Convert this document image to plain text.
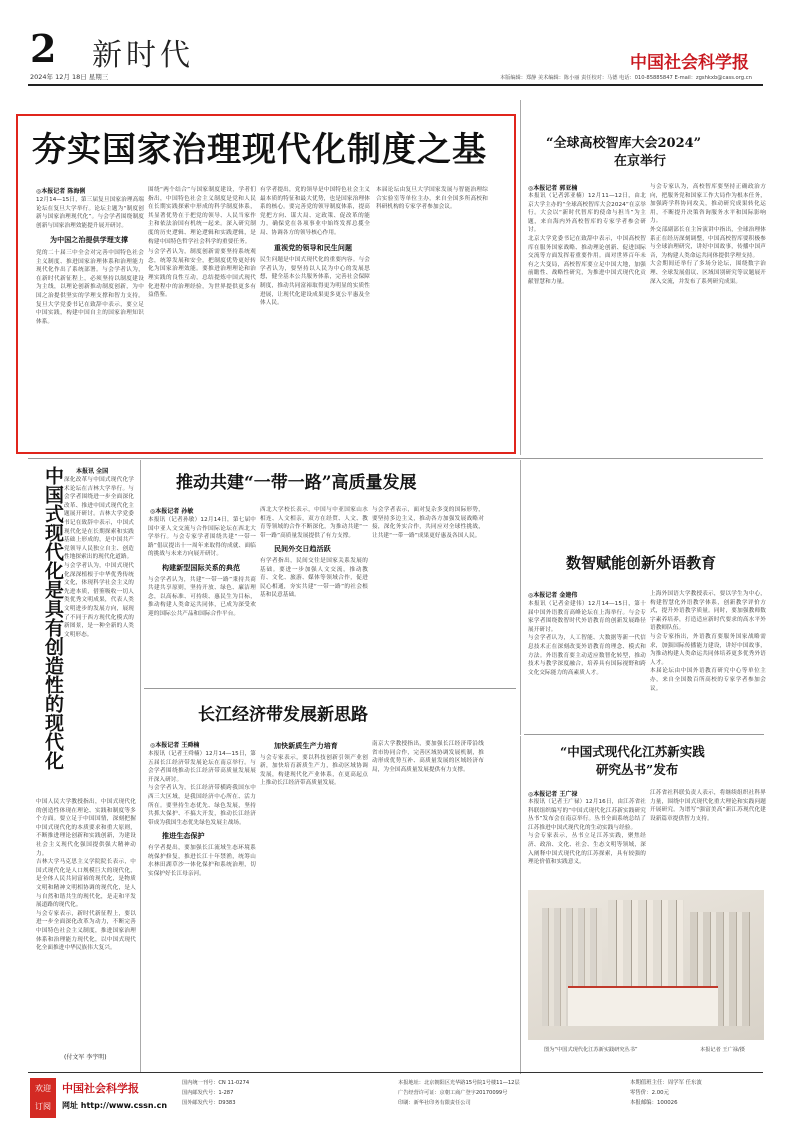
2 新时代
2024年 12月 18日 星期三
中国社会科学报
本版编辑：郑静 美术编辑：陈小丽 责任校对：马德 电话：010-85885847 E-mail：zgshkxb@cass.org.cn
夯实国家治理现代化制度之基
◎本报记者 陈海俐

12月14—15日，第三届复旦国家治理高端论坛在复旦大学举行。论坛主题为“制度创新与国家治理现代化”。与会学者围绕制度创新与国家治理效能提升展开研讨。

为中国之治提供学理支撑

党的二十届三中全会对完善中国特色社会主义制度、推进国家治理体系和治理能力现代化作出了系统部署。与会学者认为，在新时代新征程上，必须坚持以制度建设为主线，以理论创新推动制度创新，为中国之治提供坚实的学理支撑和智力支持。复旦大学党委书记在致辞中表示，要立足中国实践，构建中国自主的国家治理知识体系。

围绕“两个结合”与国家制度建设，学者们指出，中国特色社会主义制度是党和人民在长期实践探索中形成的科学制度体系，其显著优势在于把党的领导、人民当家作主和依法治国有机统一起来。深入研究制度的历史逻辑、理论逻辑和实践逻辑，是构建中国特色哲学社会科学的重要任务。

与会学者认为，制度创新需要坚持系统观念，统筹发展和安全，把制度优势更好转化为国家治理效能。要推进治理理论和治理实践的良性互动，总结提炼中国式现代化进程中的治理经验，为世界提供更多有益借鉴。

有学者提出，党的领导是中国特色社会主义最本质的特征和最大优势，也是国家治理体系的核心。要完善党的领导制度体系，提高党把方向、谋大局、定政策、促改革的能力，确保党在各项事业中始终发挥总揽全局、协调各方的领导核心作用。

重视党的领导和民生问题

民生问题是中国式现代化的重要内容。与会学者认为，要坚持以人民为中心的发展思想，健全基本公共服务体系，完善社会保障制度，推动共同富裕取得更为明显的实质性进展，让现代化建设成果更多更公平惠及全体人民。

本届论坛由复旦大学国家发展与智能治理综合实验室等单位主办，来自全国多所高校和科研机构的专家学者参加会议。

“全球高校智库大会2024”
在京举行
◎本报记者 郭亚楠

本报讯（记者郭亚楠）12月11—12日，由北京大学主办的“全球高校智库大会2024”在京举行。大会以“新时代智库的使命与担当”为主题，来自海内外高校智库的专家学者参会研讨。

北京大学党委书记在致辞中表示，中国高校智库在服务国家战略、推动理论创新、促进国际交流等方面发挥着重要作用。面对世界百年未有之大变局，高校智库要立足中国大地，加强前瞻性、战略性研究，为推进中国式现代化贡献智慧和力量。

与会专家认为，高校智库要坚持正确政治方向，把服务党和国家工作大局作为根本任务，加强跨学科协同攻关，推动研究成果转化运用，不断提升决策咨询服务水平和国际影响力。

外交部副部长在主旨演讲中指出，全球治理体系正在经历深刻调整，中国高校智库要积极参与全球治理研究，讲好中国故事，传播中国声音，为构建人类命运共同体提供学理支持。

大会期间还举行了多场分论坛，围绕数字治理、全球发展倡议、区域国别研究等议题展开深入交流，并发布了系列研究成果。

中国式现代化是具有创造性的现代化 本报讯 全国

深化改革与中国式现代化学术论坛在吉林大学举行。与会学者围绕进一步全面深化改革、推进中国式现代化主题展开研讨。吉林大学党委书记在致辞中表示，中国式现代化是在长期探索和实践基础上形成的，是中国共产党领导人民独立自主、创造性地探索出的现代化道路。

与会学者认为，中国式现代化深深植根于中华优秀传统文化，体现科学社会主义的先进本质，借鉴吸收一切人类优秀文明成果，代表人类文明进步的发展方向，展现了不同于西方现代化模式的新图景，是一种全新的人类文明形态。

中国人民大学教授指出，中国式现代化的创造性体现在理论、实践和制度等多个方面。要立足于中国国情，深刻把握中国式现代化的本质要求和重大原则，不断推进理论创新和实践创新，为建设社会主义现代化强国提供强大精神动力。

吉林大学马克思主义学院院长表示，中国式现代化是人口规模巨大的现代化，是全体人民共同富裕的现代化，是物质文明和精神文明相协调的现代化，是人与自然和谐共生的现代化，是走和平发展道路的现代化。

与会专家表示，新时代新征程上，要以进一步全面深化改革为动力，不断完善中国特色社会主义制度，推进国家治理体系和治理能力现代化，以中国式现代化全面推进中华民族伟大复兴。

(付文军 李宇明)
推动共建“一带一路”高质量发展
◎本报记者 孙敏

本报讯（记者孙敏）12月14日，第七届中国中亚人文交流与合作国际论坛在西北大学举行。与会专家学者围绕共建“一带一路”倡议提出十一周年来取得的成就、面临的挑战与未来方向展开研讨。

构建新型国际关系的典范

与会学者认为，共建“一带一路”秉持共商共建共享原则，坚持开放、绿色、廉洁理念，以高标准、可持续、惠民生为目标，推动构建人类命运共同体，已成为深受欢迎的国际公共产品和国际合作平台。

西北大学校长表示，中国与中亚国家山水相连、人文相亲，双方在经贸、人文、教育等领域的合作不断深化，为推动共建“一带一路”高质量发展提供了有力支撑。

民间外交日趋活跃

有学者指出，民间交往是国家关系发展的基础。要进一步加强人文交流，推动教育、文化、旅游、媒体等领域合作，促进民心相通，夯实共建“一带一路”的社会根基和民意基础。

与会学者表示，面对复杂多变的国际形势，要坚持多边主义，推动各方加强发展战略对接，深化务实合作，共同应对全球性挑战，让共建“一带一路”成果更好惠及各国人民。

数智赋能创新外语教育
◎本报记者 金建伟

本报讯（记者金建伟）12月14—15日，第十届中国外语教育高峰论坛在上海举行。与会专家学者围绕数智时代外语教育的创新发展路径展开研讨。

与会学者认为，人工智能、大数据等新一代信息技术正在深刻改变外语教育的理念、模式和方法。外语教育要主动适应数智化转型，推动技术与教学深度融合，培养具有国际视野和跨文化交际能力的高素质人才。

上海外国语大学教授表示，要以学生为中心，构建智慧化外语教学体系，创新教学评价方式，提升外语教学质量。同时，要加强教师数字素养培养，打造适应新时代要求的高水平外语教师队伍。

与会专家指出，外语教育要服务国家战略需求，加强国际传播能力建设，讲好中国故事，为推动构建人类命运共同体培养更多优秀外语人才。

本届论坛由中国外语教育研究中心等单位主办，来自全国数百所高校的专家学者参加会议。

长江经济带发展新思路
◎本报记者 王舜楠

本报讯（记者王舜楠）12月14—15日，第五届长江经济带发展论坛在南京举行。与会学者围绕推动长江经济带高质量发展展开深入研讨。

与会学者认为，长江经济带横跨我国东中西三大区域，是我国经济中心所在、活力所在。要坚持生态优先、绿色发展，坚持共抓大保护、不搞大开发，推动长江经济带成为我国生态优先绿色发展主战场。

推进生态保护

有学者提出，要加强长江流域生态环境系统保护修复，推进长江十年禁渔，统筹山水林田湖草沙一体化保护和系统治理，切实保护好长江母亲河。

加快新质生产力培育

与会专家表示，要以科技创新引领产业创新，加快培育新质生产力，推动区域协调发展，构建现代化产业体系，在更高起点上推动长江经济带高质量发展。

南京大学教授指出，要加强长江经济带沿线省市协同合作，完善区域协调发展机制，推动形成优势互补、高质量发展的区域经济布局，为全国高质量发展提供有力支撑。

“中国式现代化江苏新实践
研究丛书”发布
◎本报记者 王广禄

本报讯（记者王广禄）12月16日，由江苏省社科联组织编写的“中国式现代化江苏新实践研究丛书”发布会在南京举行。丛书全面系统总结了江苏推进中国式现代化的生动实践与经验。

与会专家表示，丛书立足江苏实践，聚焦经济、政治、文化、社会、生态文明等领域，深入阐释中国式现代化的江苏探索，具有较强的理论价值和实践意义。

江苏省社科联负责人表示，将继续组织社科界力量，围绕中国式现代化重大理论和实践问题开展研究，为谱写“强富美高”新江苏现代化建设新篇章提供智力支持。

图为“中国式现代化江苏新实践研究丛书”	本报记者 王广禄/摄
欢迎
订阅
中国社会科学报
网址 http://www.cssn.cn
国内统一刊号：CN 11-0274
国内邮发代号：1-287
国外邮发代号：D9383
本报地址：北京朝阳区光华路15号院1号楼11—12层
广告经营许可证：京朝工商广登字20170099号
印刷：新华社印务有限责任公司
本期值班主任：周学军 任东波
零售价：2.00元
本报邮编：100026
